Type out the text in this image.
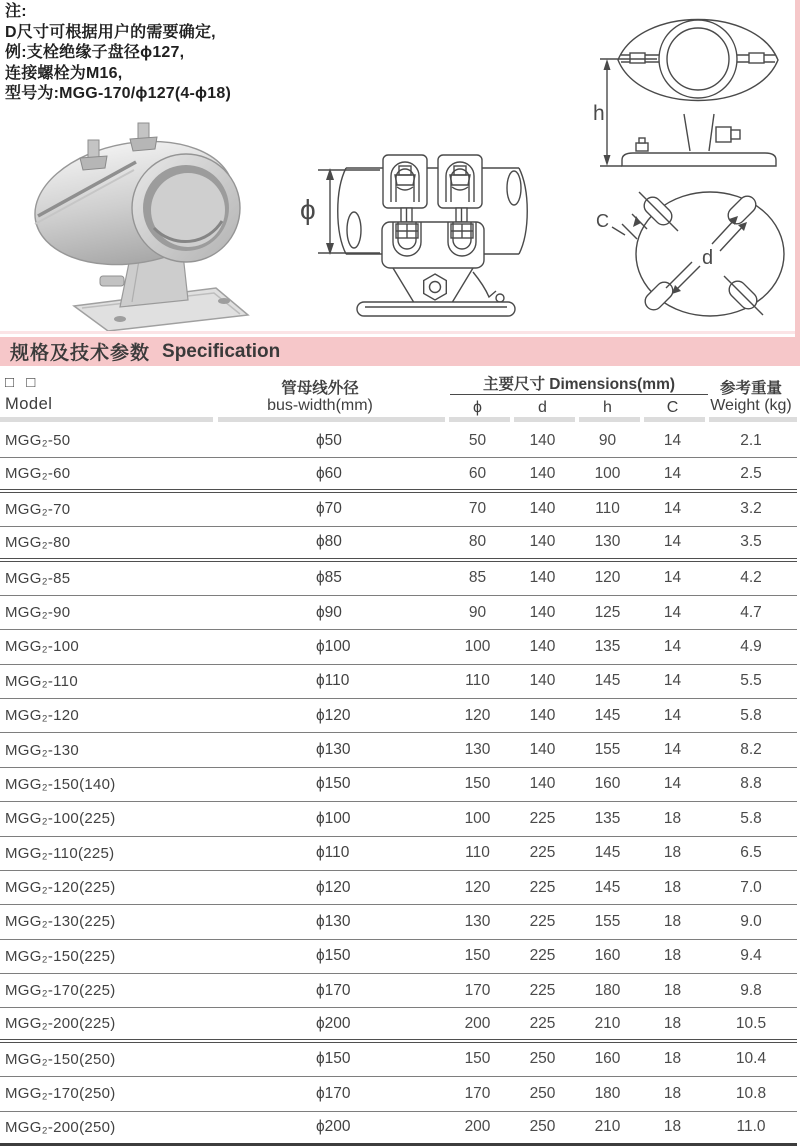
注:
D尺寸可根据用户的需要确定,
例:支栓绝缘子盘径ϕ127,
连接螺栓为M16,
型号为:MGG-170/ϕ127(4-ϕ18)
ϕ
h
d
C
规格及技术参数 Specification
□ □
Model
管母线外径
bus-width(mm)
主要尺寸 Dimensions(mm)
ϕ	d	h	C
参考重量
Weight (kg)
MGG₂-50	ϕ50	50	140	90	14	2.1
MGG₂-60	ϕ60	60	140	100	14	2.5
MGG₂-70	ϕ70	70	140	110	14	3.2
MGG₂-80	ϕ80	80	140	130	14	3.5
MGG₂-85	ϕ85	85	140	120	14	4.2
MGG₂-90	ϕ90	90	140	125	14	4.7
MGG₂-100	ϕ100	100	140	135	14	4.9
MGG₂-110	ϕ110	110	140	145	14	5.5
MGG₂-120	ϕ120	120	140	145	14	5.8
MGG₂-130	ϕ130	130	140	155	14	8.2
MGG₂-150(140)	ϕ150	150	140	160	14	8.8
MGG₂-100(225)	ϕ100	100	225	135	18	5.8
MGG₂-110(225)	ϕ110	110	225	145	18	6.5
MGG₂-120(225)	ϕ120	120	225	145	18	7.0
MGG₂-130(225)	ϕ130	130	225	155	18	9.0
MGG₂-150(225)	ϕ150	150	225	160	18	9.4
MGG₂-170(225)	ϕ170	170	225	180	18	9.8
MGG₂-200(225)	ϕ200	200	225	210	18	10.5
MGG₂-150(250)	ϕ150	150	250	160	18	10.4
MGG₂-170(250)	ϕ170	170	250	180	18	10.8
MGG₂-200(250)	ϕ200	200	250	210	18	11.0
